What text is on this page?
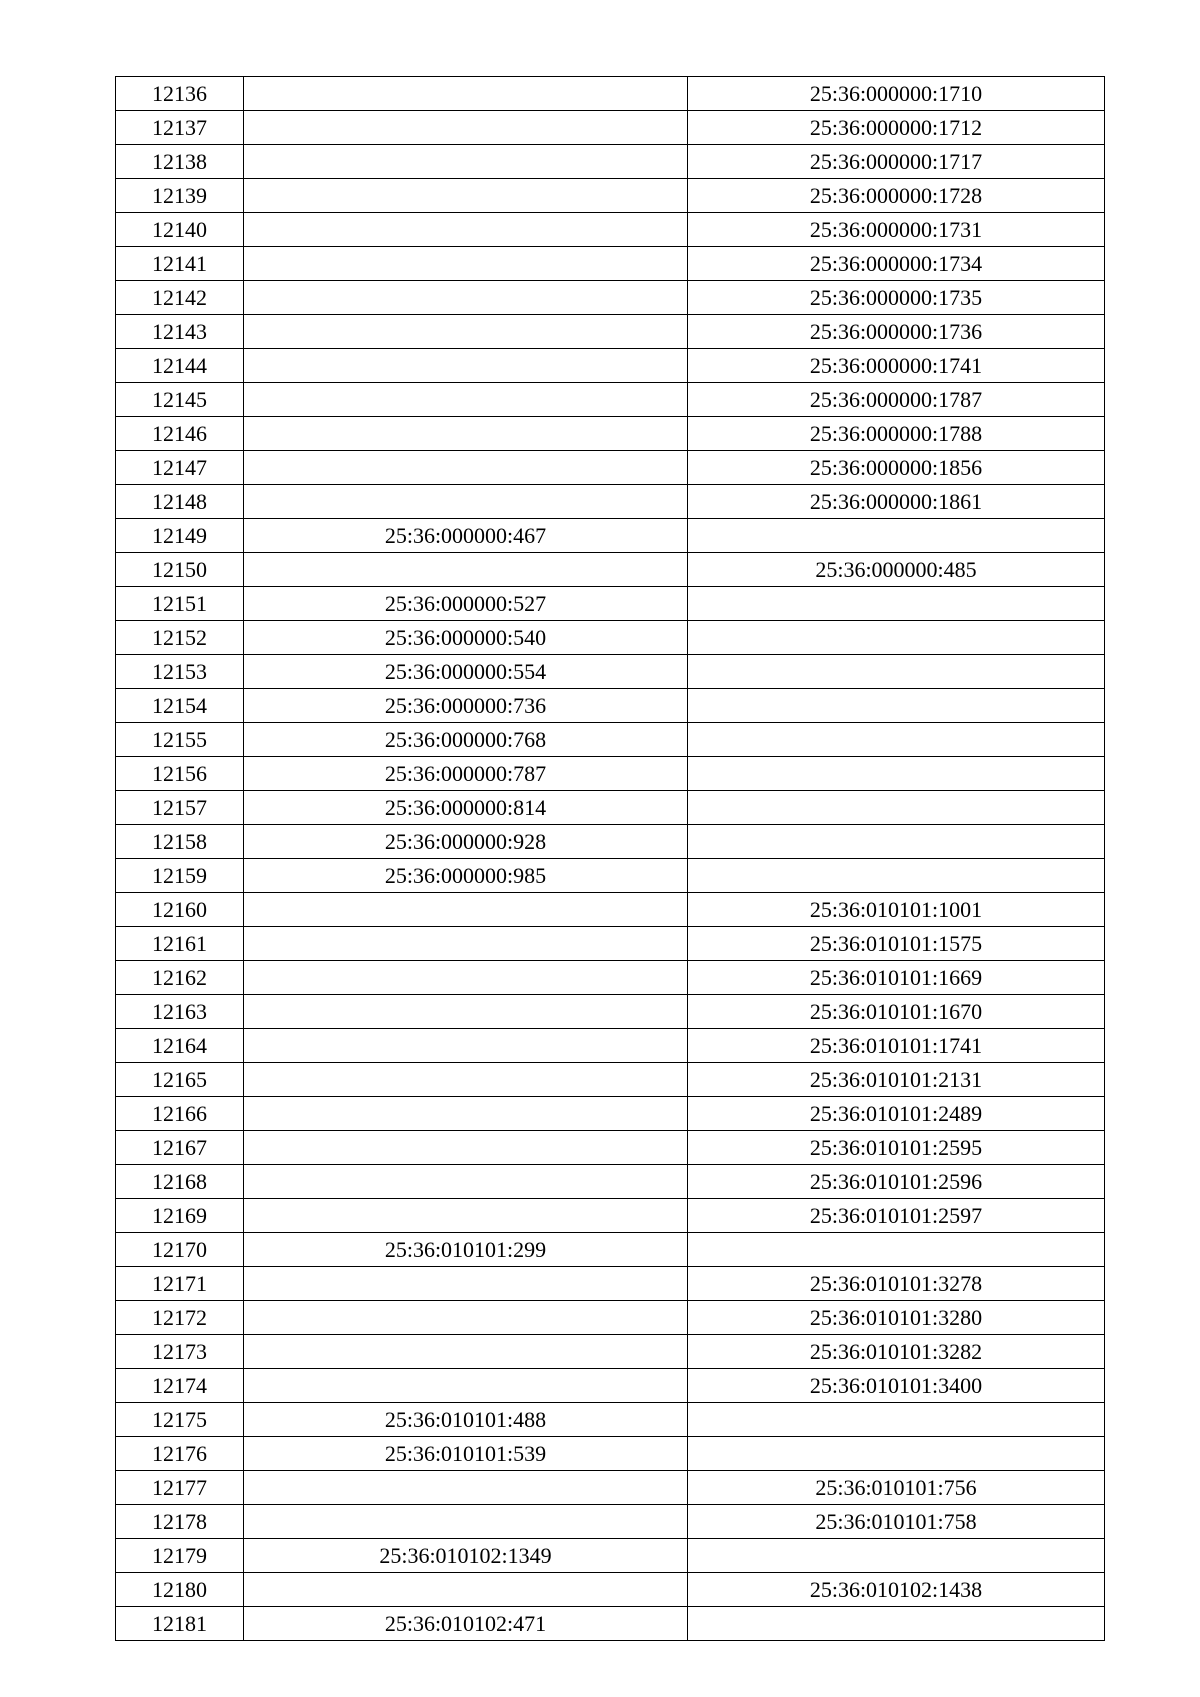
12136		25:36:000000:1710
12137		25:36:000000:1712
12138		25:36:000000:1717
12139		25:36:000000:1728
12140		25:36:000000:1731
12141		25:36:000000:1734
12142		25:36:000000:1735
12143		25:36:000000:1736
12144		25:36:000000:1741
12145		25:36:000000:1787
12146		25:36:000000:1788
12147		25:36:000000:1856
12148		25:36:000000:1861
12149	25:36:000000:467	
12150		25:36:000000:485
12151	25:36:000000:527	
12152	25:36:000000:540	
12153	25:36:000000:554	
12154	25:36:000000:736	
12155	25:36:000000:768	
12156	25:36:000000:787	
12157	25:36:000000:814	
12158	25:36:000000:928	
12159	25:36:000000:985	
12160		25:36:010101:1001
12161		25:36:010101:1575
12162		25:36:010101:1669
12163		25:36:010101:1670
12164		25:36:010101:1741
12165		25:36:010101:2131
12166		25:36:010101:2489
12167		25:36:010101:2595
12168		25:36:010101:2596
12169		25:36:010101:2597
12170	25:36:010101:299	
12171		25:36:010101:3278
12172		25:36:010101:3280
12173		25:36:010101:3282
12174		25:36:010101:3400
12175	25:36:010101:488	
12176	25:36:010101:539	
12177		25:36:010101:756
12178		25:36:010101:758
12179	25:36:010102:1349	
12180		25:36:010102:1438
12181	25:36:010102:471	
